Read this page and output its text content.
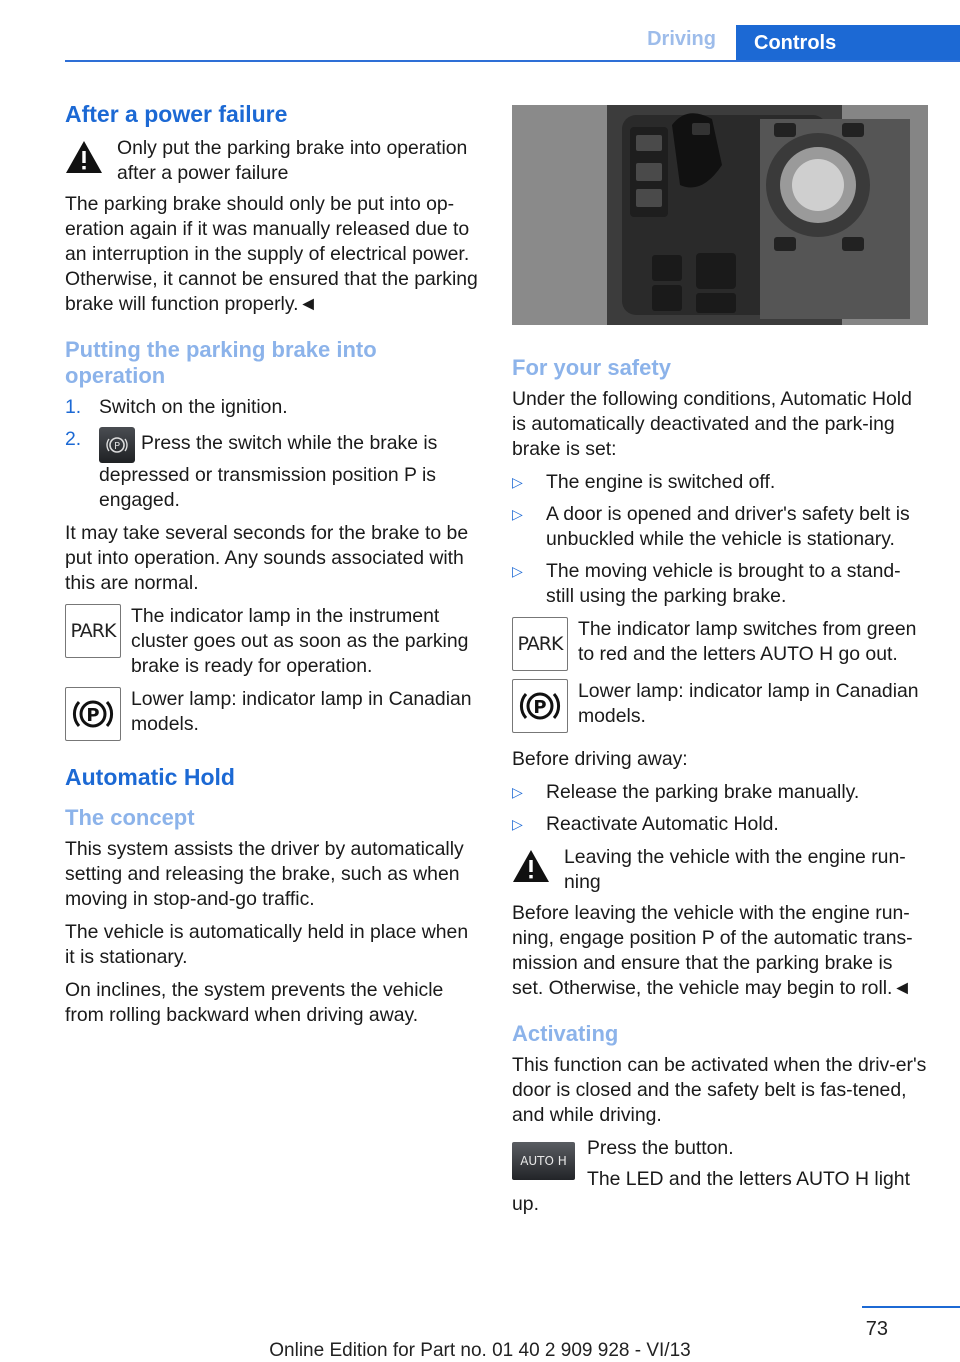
Driving	Controls
After a power failure

Only put the parking brake into operation after a power failure

The parking brake should only be put into op-eration again if it was manually released due to an interruption in the supply of electrical power. Otherwise, it cannot be ensured that the parking brake will function properly.◄

Putting the parking brake into operation
1. Switch on the ignition.
2.	P Press the switch while the brake is depressed or transmission position P is engaged.

It may take several seconds for the brake to be put into operation. Any sounds associated with this are normal.

PARK

The indicator lamp in the instrument cluster goes out as soon as the parking brake is ready for operation.

P

Lower lamp: indicator lamp in Canadian models.

Automatic Hold
The concept

This system assists the driver by automatically setting and releasing the brake, such as when moving in stop-and-go traffic.

The vehicle is automatically held in place when it is stationary.

On inclines, the system prevents the vehicle from rolling backward when driving away.

For your safety

Under the following conditions, Automatic Hold is automatically deactivated and the park-ing brake is set:

▷	The engine is switched off.
▷	A door is opened and driver's safety belt is unbuckled while the vehicle is stationary.
▷	The moving vehicle is brought to a stand-still using the parking brake.
PARK

The indicator lamp switches from green to red and the letters AUTO H go out.

P

Lower lamp: indicator lamp in Canadian models.

Before driving away:

▷	Release the parking brake manually.
▷	Reactivate Automatic Hold.

Leaving the vehicle with the engine run-ning

Before leaving the vehicle with the engine run-ning, engage position P of the automatic trans-mission and ensure that the parking brake is set. Otherwise, the vehicle may begin to roll.◄

Activating

This function can be activated when the driv-er's door is closed and the safety belt is fas-tened, and while driving.

AUTO H

Press the button.

The LED and the letters AUTO H light up.

73
Online Edition for Part no. 01 40 2 909 928 - VI/13
